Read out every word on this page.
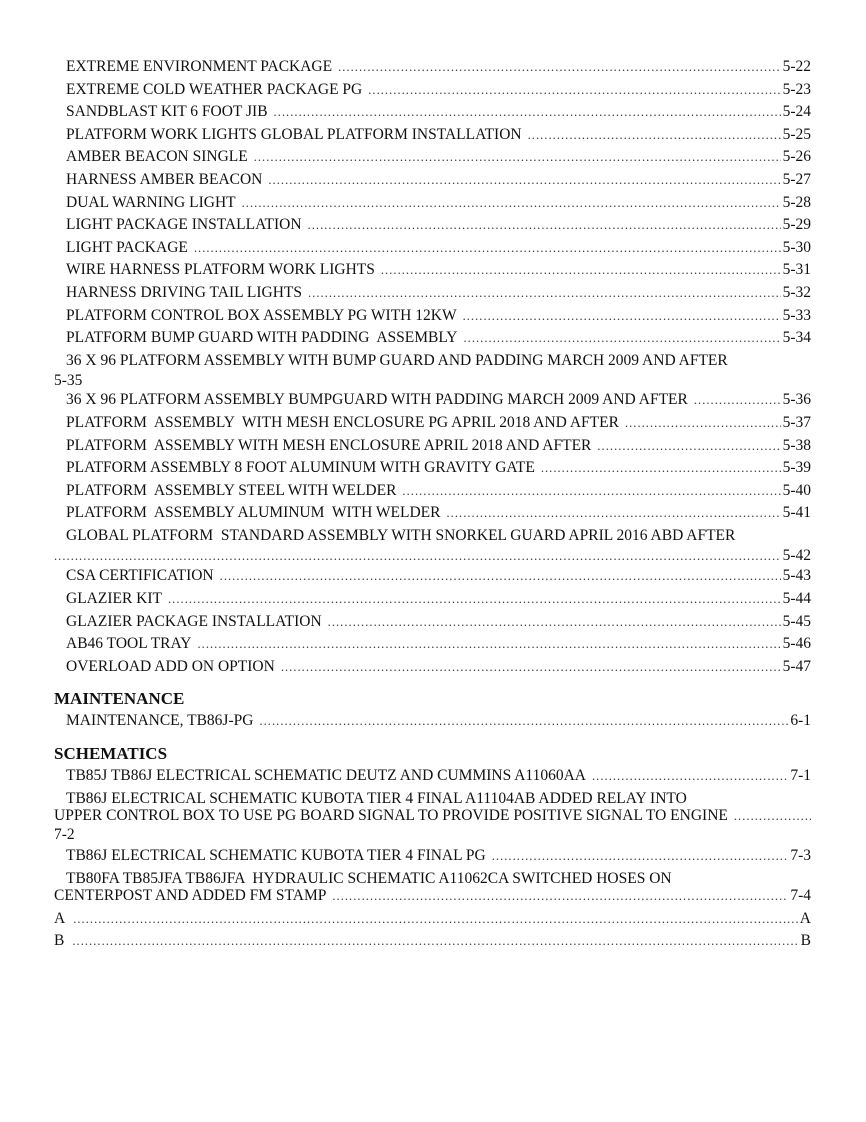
EXTREME ENVIRONMENT PACKAGE .....	5-22
EXTREME COLD WEATHER PACKAGE PG .....	5-23
SANDBLAST KIT 6 FOOT JIB .....	5-24
PLATFORM WORK LIGHTS GLOBAL PLATFORM INSTALLATION .....	5-25
AMBER BEACON SINGLE .....	5-26
HARNESS AMBER BEACON .....	5-27
DUAL WARNING LIGHT .....	5-28
LIGHT PACKAGE INSTALLATION .....	5-29
LIGHT PACKAGE .....	5-30
WIRE HARNESS PLATFORM WORK LIGHTS .....	5-31
HARNESS DRIVING TAIL LIGHTS .....	5-32
PLATFORM CONTROL BOX ASSEMBLY PG WITH 12KW .....	5-33
PLATFORM BUMP GUARD WITH PADDING  ASSEMBLY .....	5-34
36 X 96 PLATFORM ASSEMBLY WITH BUMP GUARD AND PADDING MARCH 2009 AND AFTER
5-35
36 X 96 PLATFORM ASSEMBLY BUMPGUARD WITH PADDING MARCH 2009 AND AFTER .....	5-36
PLATFORM  ASSEMBLY  WITH MESH ENCLOSURE PG APRIL 2018 AND AFTER .....	5-37
PLATFORM  ASSEMBLY WITH MESH ENCLOSURE APRIL 2018 AND AFTER .....	5-38
PLATFORM ASSEMBLY 8 FOOT ALUMINUM WITH GRAVITY GATE .....	5-39
PLATFORM  ASSEMBLY STEEL WITH WELDER .....	5-40
PLATFORM  ASSEMBLY ALUMINUM  WITH WELDER .....	5-41
GLOBAL PLATFORM  STANDARD ASSEMBLY WITH SNORKEL GUARD APRIL 2016 ABD AFTER
.....
5-42
CSA CERTIFICATION .....	5-43
GLAZIER KIT .....	5-44
GLAZIER PACKAGE INSTALLATION .....	5-45
AB46 TOOL TRAY .....	5-46
OVERLOAD ADD ON OPTION .....	5-47
MAINTENANCE
MAINTENANCE, TB86J-PG .....	6-1
SCHEMATICS
TB85J TB86J ELECTRICAL SCHEMATIC DEUTZ AND CUMMINS A11060AA .....	7-1
TB86J ELECTRICAL SCHEMATIC KUBOTA TIER 4 FINAL A11104AB ADDED RELAY INTO
UPPER CONTROL BOX TO USE PG BOARD SIGNAL TO PROVIDE POSITIVE SIGNAL TO ENGINE
.....
7-2
TB86J ELECTRICAL SCHEMATIC KUBOTA TIER 4 FINAL PG .....	7-3
TB80FA TB85JFA TB86JFA  HYDRAULIC SCHEMATIC A11062CA SWITCHED HOSES ON
CENTERPOST AND ADDED FM STAMP .....	7-4
A .....	A
B .....	B
